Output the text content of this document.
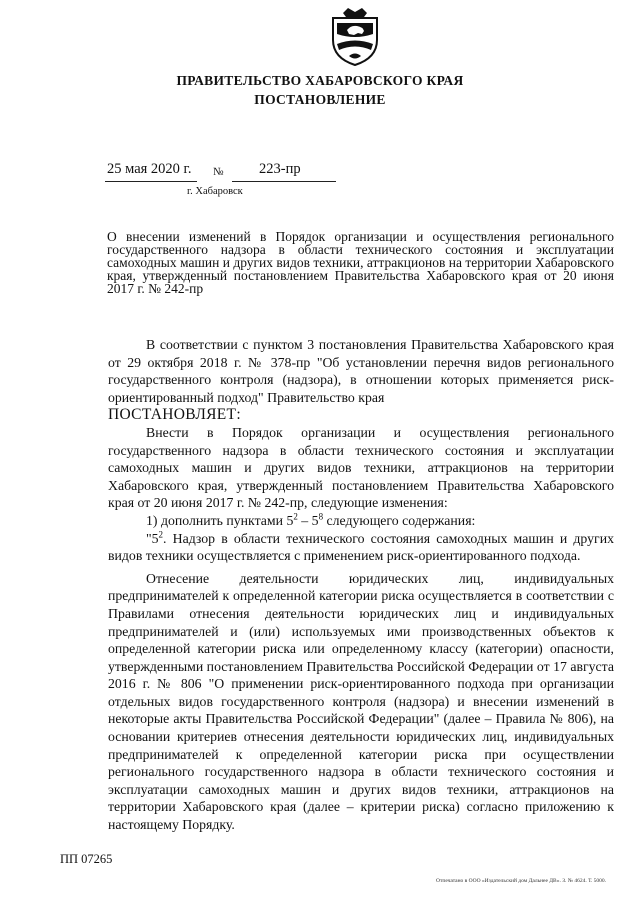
ПРАВИТЕЛЬСТВО ХАБАРОВСКОГО КРАЯ
ПОСТАНОВЛЕНИЕ
25 мая 2020 г. № 223-пр
г. Хабаровск
О внесении изменений в Порядок организации и осуществления регионального государственного надзора в области технического состояния и эксплуатации самоходных машин и других видов техники, аттракционов на территории Хабаровского края, утвержденный постановлением Правительства Хабаровского края от 20 июня 2017 г. № 242-пр

В соответствии с пунктом 3 постановления Правительства Хабаровского края от 29 октября 2018 г. № 378-пр "Об установлении перечня видов регионального государственного контроля (надзора), в отношении которых применяется риск-ориентированный подход" Правительство края

ПОСТАНОВЛЯЕТ:

Внести в Порядок организации и осуществления регионального государственного надзора в области технического состояния и эксплуатации самоходных машин и других видов техники, аттракционов на территории Хабаровского края, утвержденный постановлением Правительства Хабаровского края от 20 июня 2017 г. № 242-пр, следующие изменения:

1) дополнить пунктами $5^2 - 5^8$ следующего содержания:

"$5^2$. Надзор в области технического состояния самоходных машин и других видов техники осуществляется с применением риск-ориентированного подхода.

Отнесение деятельности юридических лиц, индивидуальных предпринимателей к определенной категории риска осуществляется в соответствии с Правилами отнесения деятельности юридических лиц и индивидуальных предпринимателей и (или) используемых ими производственных объектов к определенной категории риска или определенному классу (категории) опасности, утвержденными постановлением Правительства Российской Федерации от 17 августа 2016 г. № 806 "О применении риск-ориентированного подхода при организации отдельных видов государственного контроля (надзора) и внесении изменений в некоторые акты Правительства Российской Федерации" (далее – Правила № 806), на основании критериев отнесения деятельности юридических лиц, индивидуальных предпринимателей к определенной категории риска при осуществлении регионального государственного надзора в области технического состояния и эксплуатации самоходных машин и других видов техники, аттракционов на территории Хабаровского края (далее – критерии риска) согласно приложению к настоящему Порядку.

ПП 07265
Отпечатано в ООО «Издательский дом Дальнее ДВ». З. № 4624. Т. 5000.
